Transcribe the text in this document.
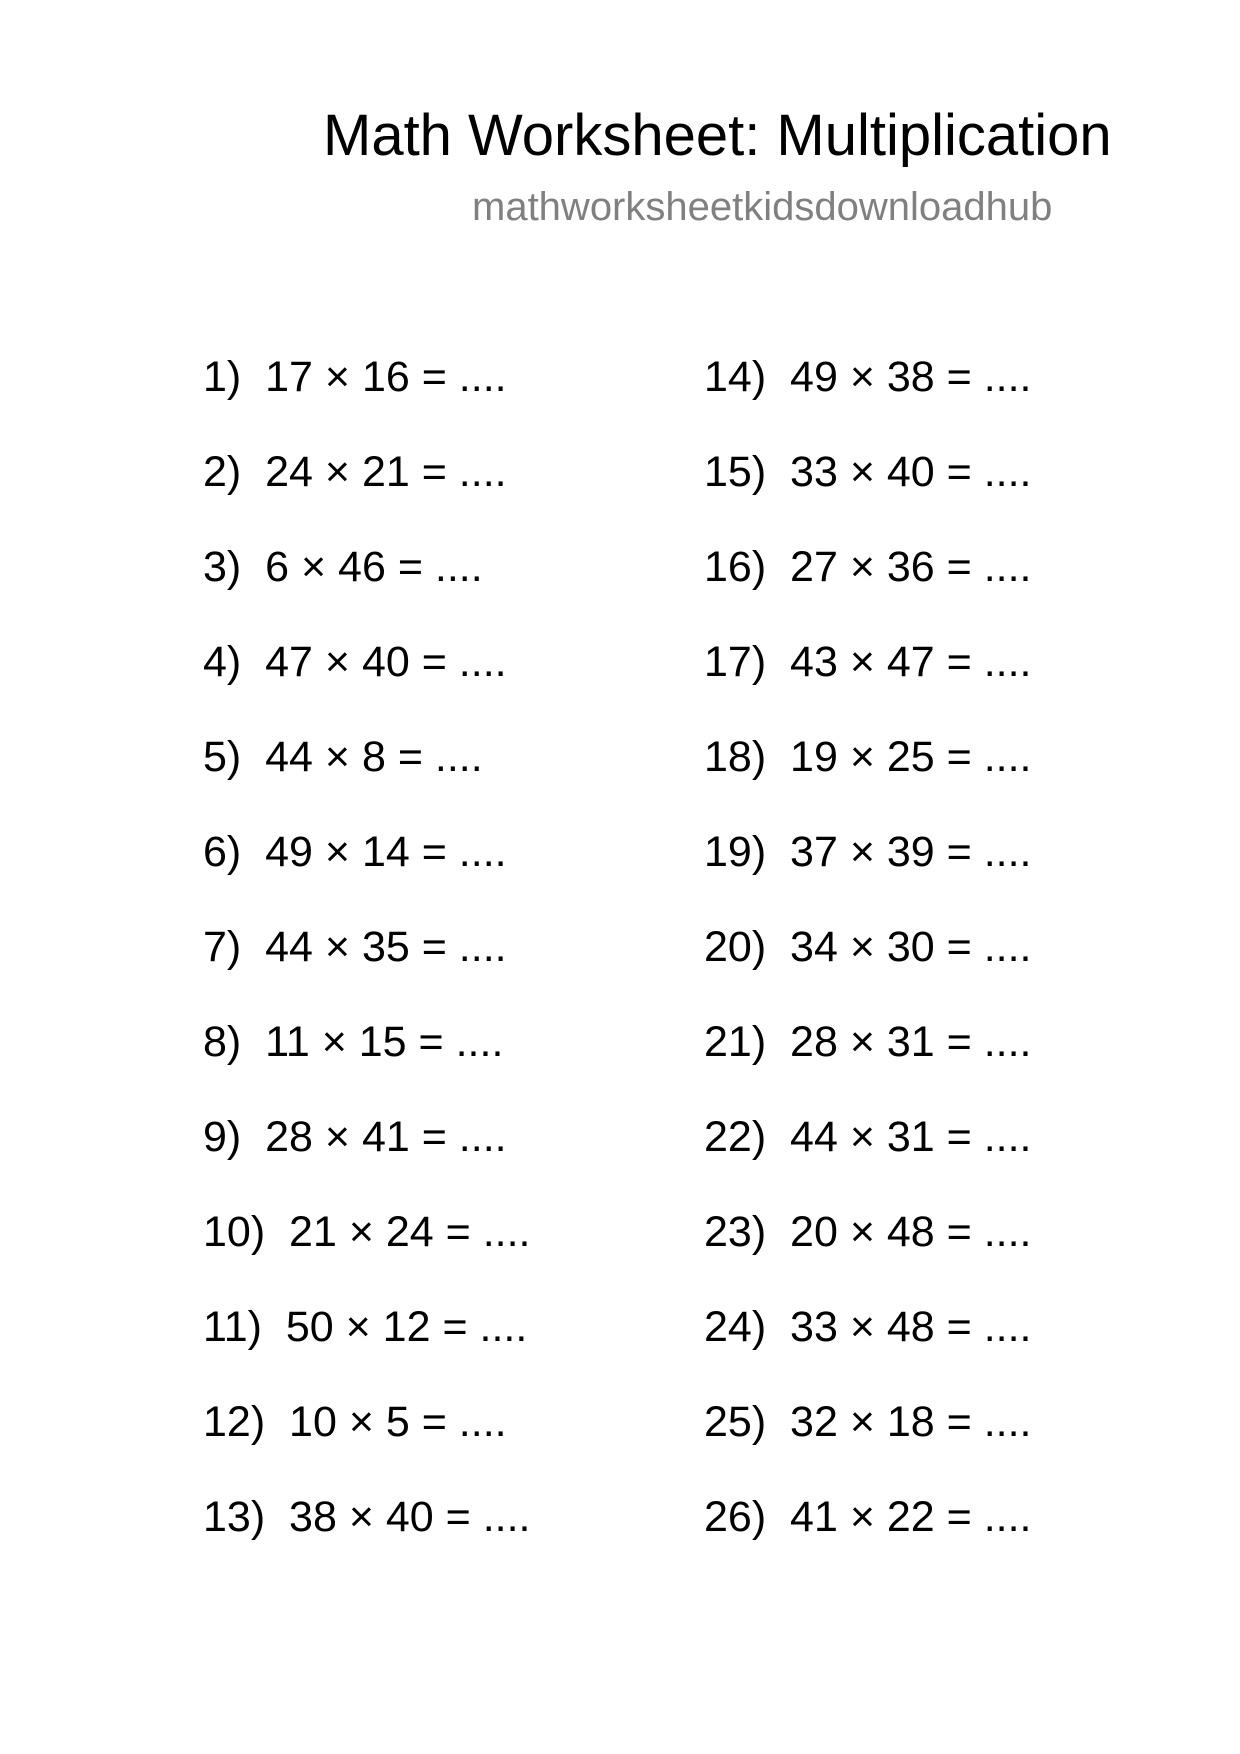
Math Worksheet: Multiplication
mathworksheetkidsdownloadhub
1)  17 × 16 = ....
2)  24 × 21 = ....
3)  6 × 46 = ....
4)  47 × 40 = ....
5)  44 × 8 = ....
6)  49 × 14 = ....
7)  44 × 35 = ....
8)  11 × 15 = ....
9)  28 × 41 = ....
10)  21 × 24 = ....
11)  50 × 12 = ....
12)  10 × 5 = ....
13)  38 × 40 = ....
14)  49 × 38 = ....
15)  33 × 40 = ....
16)  27 × 36 = ....
17)  43 × 47 = ....
18)  19 × 25 = ....
19)  37 × 39 = ....
20)  34 × 30 = ....
21)  28 × 31 = ....
22)  44 × 31 = ....
23)  20 × 48 = ....
24)  33 × 48 = ....
25)  32 × 18 = ....
26)  41 × 22 = ....
